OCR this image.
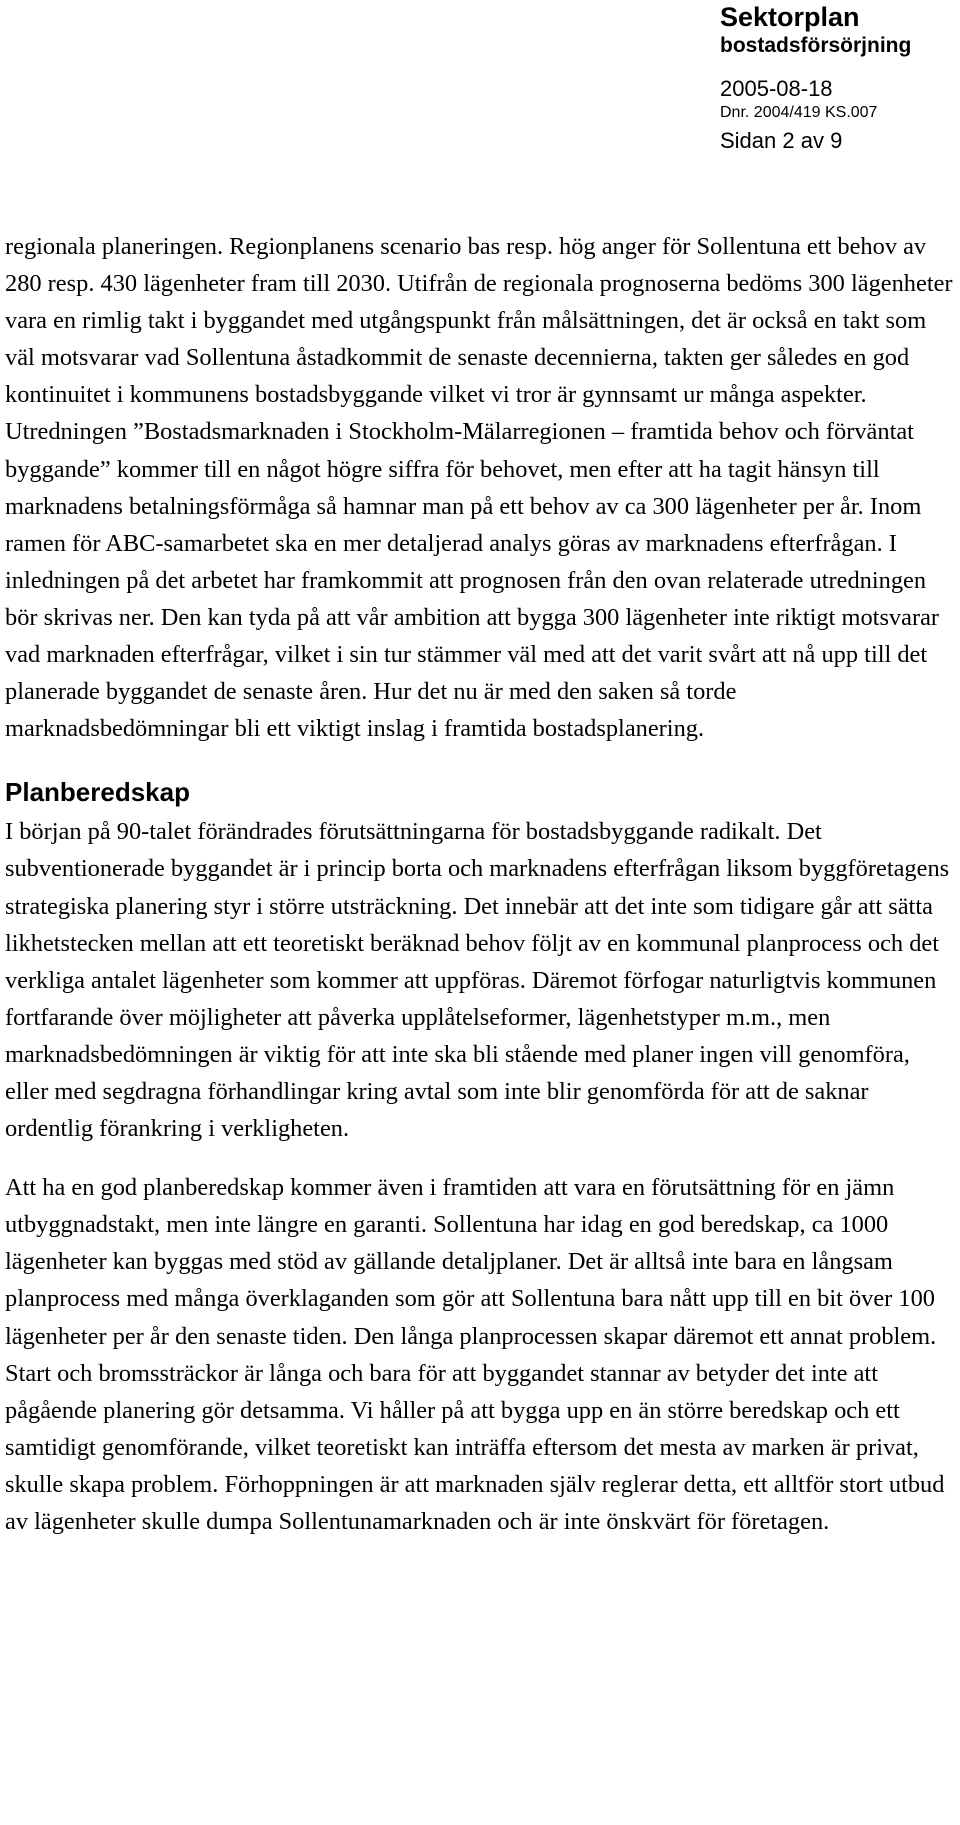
Sektorplan
bostadsförsörjning
2005-08-18
Dnr. 2004/419 KS.007
Sidan 2 av 9

regionala planeringen. Regionplanens scenario bas resp. hög anger för Sollentuna ett behov av 280 resp. 430 lägenheter fram till 2030. Utifrån de regionala prognoserna bedöms 300 lägenheter vara en rimlig takt i byggandet med utgångspunkt från målsättningen, det är också en takt som väl motsvarar vad Sollentuna åstadkommit de senaste decennierna, takten ger således en god kontinuitet i kommunens bostadsbyggande vilket vi tror är gynnsamt ur många aspekter. Utredningen ”Bostadsmarknaden i Stockholm-Mälarregionen – framtida behov och förväntat byggande” kommer till en något högre siffra för behovet, men efter att ha tagit hänsyn till marknadens betalningsförmåga så hamnar man på ett behov av ca 300 lägenheter per år. Inom ramen för ABC-samarbetet ska en mer detaljerad analys göras av marknadens efterfrågan. I inledningen på det arbetet har framkommit att prognosen från den ovan relaterade utredningen bör skrivas ner. Den kan tyda på att vår ambition att bygga 300 lägenheter inte riktigt motsvarar vad marknaden efterfrågar, vilket i sin tur stämmer väl med att det varit svårt att nå upp till det planerade byggandet de senaste åren. Hur det nu är med den saken så torde marknadsbedömningar bli ett viktigt inslag i framtida bostadsplanering.

Planberedskap

I början på 90-talet förändrades förutsättningarna för bostadsbyggande radikalt. Det subventionerade byggandet är i princip borta och marknadens efterfrågan liksom byggföretagens strategiska planering styr i större utsträckning. Det innebär att det inte som tidigare går att sätta likhetstecken mellan att ett teoretiskt beräknad behov följt av en kommunal planprocess och det verkliga antalet lägenheter som kommer att uppföras. Däremot förfogar naturligtvis kommunen fortfarande över möjligheter att påverka upplåtelseformer, lägenhetstyper m.m., men marknadsbedömningen är viktig för att inte ska bli stående med planer ingen vill genomföra, eller med segdragna förhandlingar kring avtal som inte blir genomförda för att de saknar ordentlig förankring i verkligheten.

Att ha en god planberedskap kommer även i framtiden att vara en förutsättning för en jämn utbyggnadstakt, men inte längre en garanti. Sollentuna har idag en god beredskap, ca 1000 lägenheter kan byggas med stöd av gällande detaljplaner. Det är alltså inte bara en långsam planprocess med många överklaganden som gör att Sollentuna bara nått upp till en bit över 100 lägenheter per år den senaste tiden. Den långa planprocessen skapar däremot ett annat problem. Start och bromssträckor är långa och bara för att byggandet stannar av betyder det inte att pågående planering gör detsamma. Vi håller på att bygga upp en än större beredskap och ett samtidigt genomförande, vilket teoretiskt kan inträffa eftersom det mesta av marken är privat, skulle skapa problem. Förhoppningen är att marknaden själv reglerar detta, ett alltför stort utbud av lägenheter skulle dumpa Sollentunamarknaden och är inte önskvärt för företagen.
